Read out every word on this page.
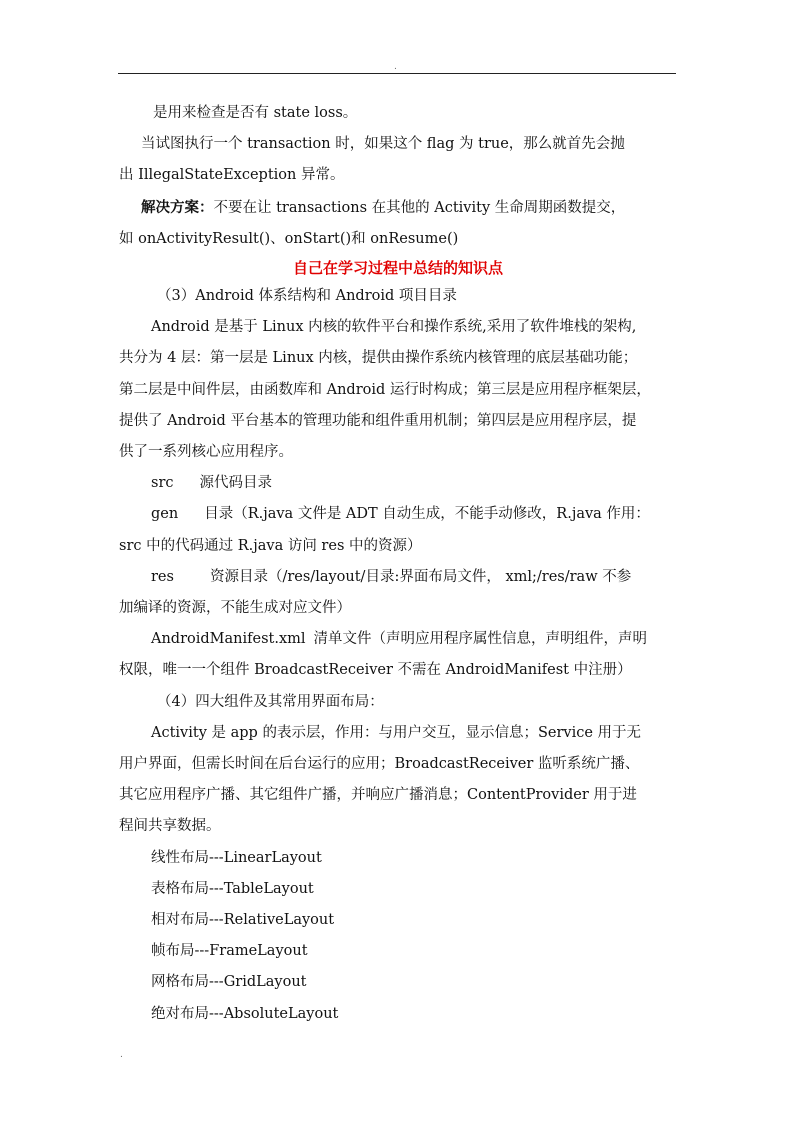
.

是用来检查是否有 state loss。
当试图执行一个 transaction 时，如果这个 flag 为 true，那么就首先会抛
出 IllegalStateException 异常。
解决方案：不要在让 transactions 在其他的 Activity 生命周期函数提交，
如 onActivityResult()、onStart()和 onResume()

自己在学习过程中总结的知识点

（3）Android 体系结构和 Android 项目目录
Android 是基于 Linux 内核的软件平台和操作系统,采用了软件堆栈的架构,
共分为 4 层：第一层是 Linux 内核，提供由操作系统内核管理的底层基础功能；
第二层是中间件层，由函数库和 Android 运行时构成；第三层是应用程序框架层，
提供了 Android 平台基本的管理功能和组件重用机制；第四层是应用程序层，提
供了一系列核心应用程序。
src 源代码目录
gen 目录（R.java 文件是 ADT 自动生成，不能手动修改，R.java 作用：
src 中的代码通过 R.java 访问 res 中的资源）
res 资源目录（/res/layout/目录:界面布局文件， xml;/res/raw 不参
加编译的资源，不能生成对应文件）
AndroidManifest.xml 清单文件（声明应用程序属性信息，声明组件，声明
权限，唯一一个组件 BroadcastReceiver 不需在 AndroidManifest 中注册）
（4）四大组件及其常用界面布局：
Activity 是 app 的表示层，作用：与用户交互，显示信息；Service 用于无
用户界面，但需长时间在后台运行的应用；BroadcastReceiver 监听系统广播、
其它应用程序广播、其它组件广播，并响应广播消息；ContentProvider 用于进
程间共享数据。
线性布局---LinearLayout
表格布局---TableLayout
相对布局---RelativeLayout
帧布局---FrameLayout
网格布局---GridLayout
绝对布局---AbsoluteLayout

.
